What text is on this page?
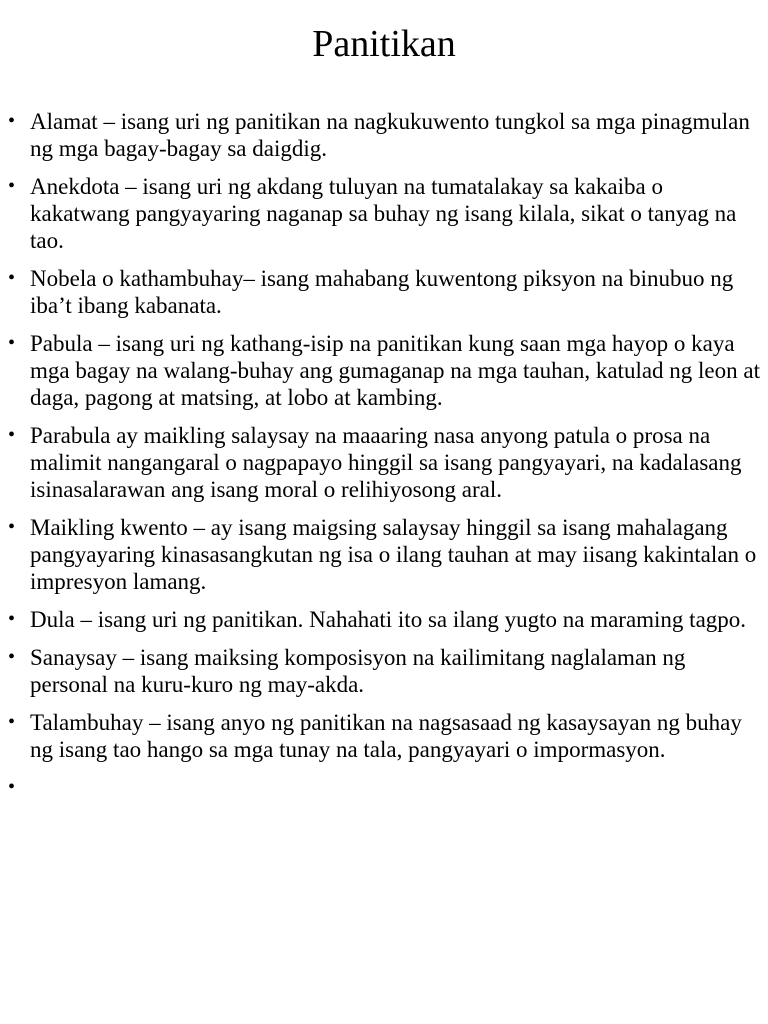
Panitikan
• Alamat – isang uri ng panitikan na nagkukuwento tungkol sa mga pinagmulan ng mga bagay-bagay sa daigdig.
• Anekdota – isang uri ng akdang tuluyan na tumatalakay sa kakaiba o kakatwang pangyayaring naganap sa buhay ng isang kilala, sikat o tanyag na tao.
• Nobela o kathambuhay– isang mahabang kuwentong piksyon na binubuo ng iba’t ibang kabanata.
• Pabula – isang uri ng kathang-isip na panitikan kung saan mga hayop o kaya mga bagay na walang-buhay ang gumaganap na mga tauhan, katulad ng leon at daga, pagong at matsing, at lobo at kambing.
• Parabula ay maikling salaysay na maaaring nasa anyong patula o prosa na malimit nangangaral o nagpapayo hinggil sa isang pangyayari, na kadalasang isinasalarawan ang isang moral o relihiyosong aral.
• Maikling kwento – ay isang maigsing salaysay hinggil sa isang mahalagang pangyayaring kinasasangkutan ng isa o ilang tauhan at may iisang kakintalan o impresyon lamang.
• Dula – isang uri ng panitikan. Nahahati ito sa ilang yugto na maraming tagpo.
• Sanaysay – isang maiksing komposisyon na kailimitang naglalaman ng personal na kuru-kuro ng may-akda.
• Talambuhay – isang anyo ng panitikan na nagsasaad ng kasaysayan ng buhay ng isang tao hango sa mga tunay na tala, pangyayari o impormasyon.
•
